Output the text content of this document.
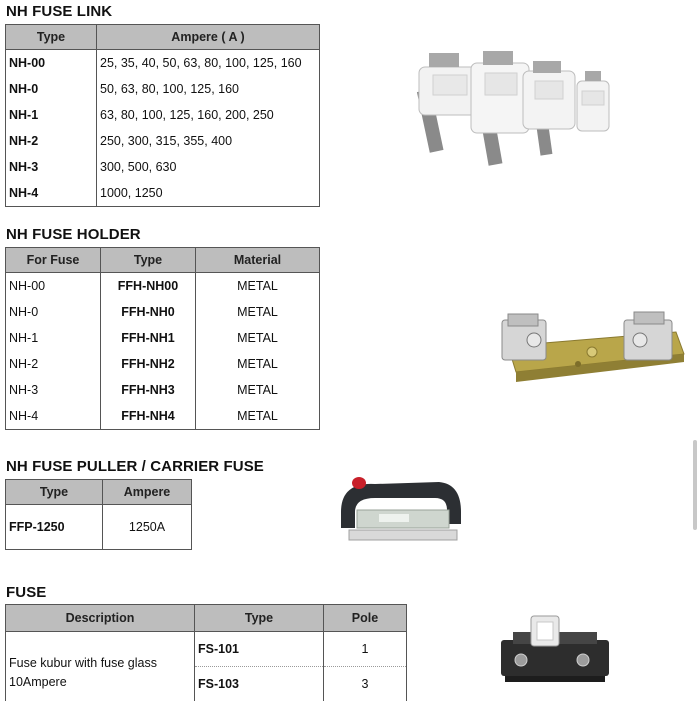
NH FUSE LINK
Type	Ampere ( A )
NH-00	25, 35, 40, 50, 63, 80, 100, 125, 160
NH-0	50, 63, 80, 100, 125, 160
NH-1	63, 80, 100, 125, 160, 200, 250
NH-2	250, 300, 315, 355, 400
NH-3	300, 500, 630
NH-4	1000, 1250
NH FUSE HOLDER
For Fuse	Type	Material
NH-00	FFH-NH00	METAL
NH-0	FFH-NH0	METAL
NH-1	FFH-NH1	METAL
NH-2	FFH-NH2	METAL
NH-3	FFH-NH3	METAL
NH-4	FFH-NH4	METAL
NH FUSE PULLER / CARRIER FUSE
Type	Ampere
FFP-1250	1250A
FUSE
Description	Type	Pole
Fuse kubur with fuse glass 10Ampere	FS-101	1
	FS-103	3
